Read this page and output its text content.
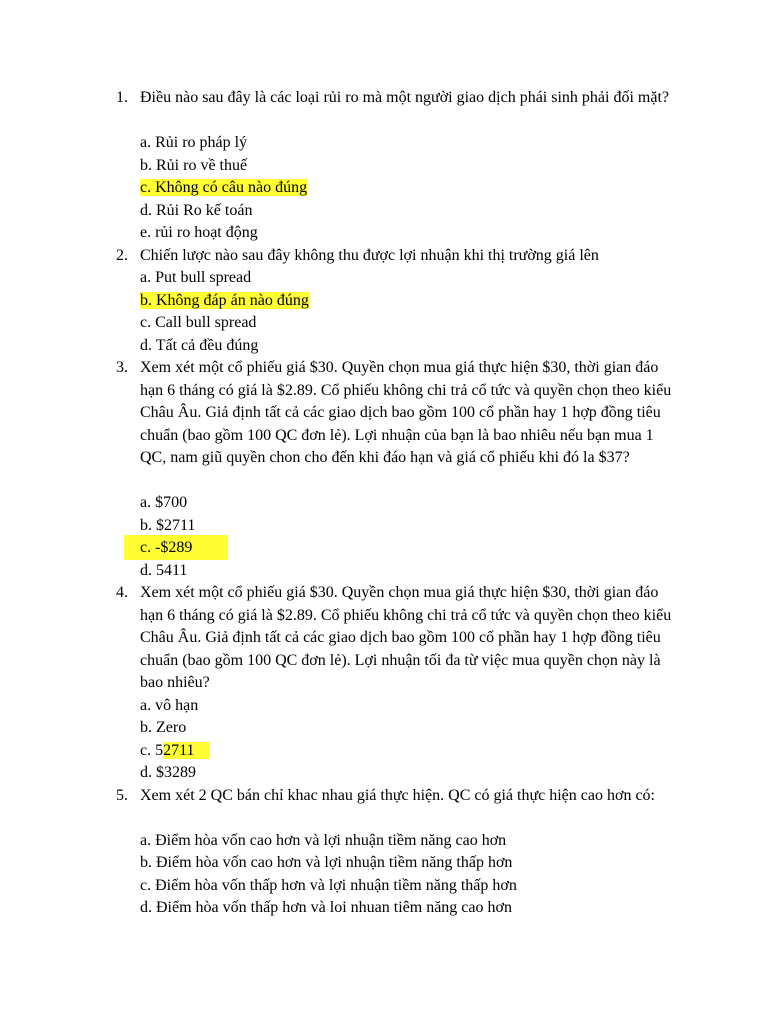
1. Điều nào sau đây là các loại rủi ro mà một người giao dịch phái sinh phải đối mặt?
a. Rủi ro pháp lý
b. Rủi ro về thuế
c. Không có câu nào đúng
d. Rủi Ro kế toán
e. rủi ro hoạt động
2. Chiến lược nào sau đây không thu được lợi nhuận khi thị trường giá lên
a. Put bull spread
b. Không đáp án nào đúng
c. Call bull spread
d. Tất cả đều đúng
3. Xem xét một cổ phiếu giá $30. Quyền chọn mua giá thực hiện $30, thời gian đáo hạn 6 tháng có giá là $2.89. Cổ phiếu không chi trả cổ tức và quyền chọn theo kiểu Châu Âu. Giả định tất cả các giao dịch bao gồm 100 cổ phần hay 1 hợp đồng tiêu chuẩn (bao gồm 100 QC đơn lẻ). Lợi nhuận của bạn là bao nhiêu nếu bạn mua 1 QC, nam giũ quyền chon cho đến khi đáo hạn và giá cổ phiếu khi đó la $37?
a. $700
b. $2711
c. -$289
d. 5411
4. Xem xét một cổ phiếu giá $30. Quyền chọn mua giá thực hiện $30, thời gian đáo hạn 6 tháng có giá là $2.89. Cổ phiếu không chi trả cổ tức và quyền chọn theo kiểu Châu Âu. Giả định tất cả các giao dịch bao gồm 100 cổ phần hay 1 hợp đồng tiêu chuẩn (bao gồm 100 QC đơn lẻ). Lợi nhuận tối đa từ việc mua quyền chọn này là bao nhiêu?
a. vô hạn
b. Zero
c. 52711
d. $3289
5. Xem xét 2 QC bán chỉ khac nhau giá thực hiện. QC có giá thực hiện cao hơn có:
a. Điểm hòa vốn cao hơn và lợi nhuận tiềm năng cao hơn
b. Điểm hòa vốn cao hơn và lợi nhuận tiềm năng thấp hơn
c. Điểm hòa vốn thấp hơn và lợi nhuận tiềm năng thấp hơn
d. Điểm hòa vốn thấp hơn và loi nhuan tiêm năng cao hơn
